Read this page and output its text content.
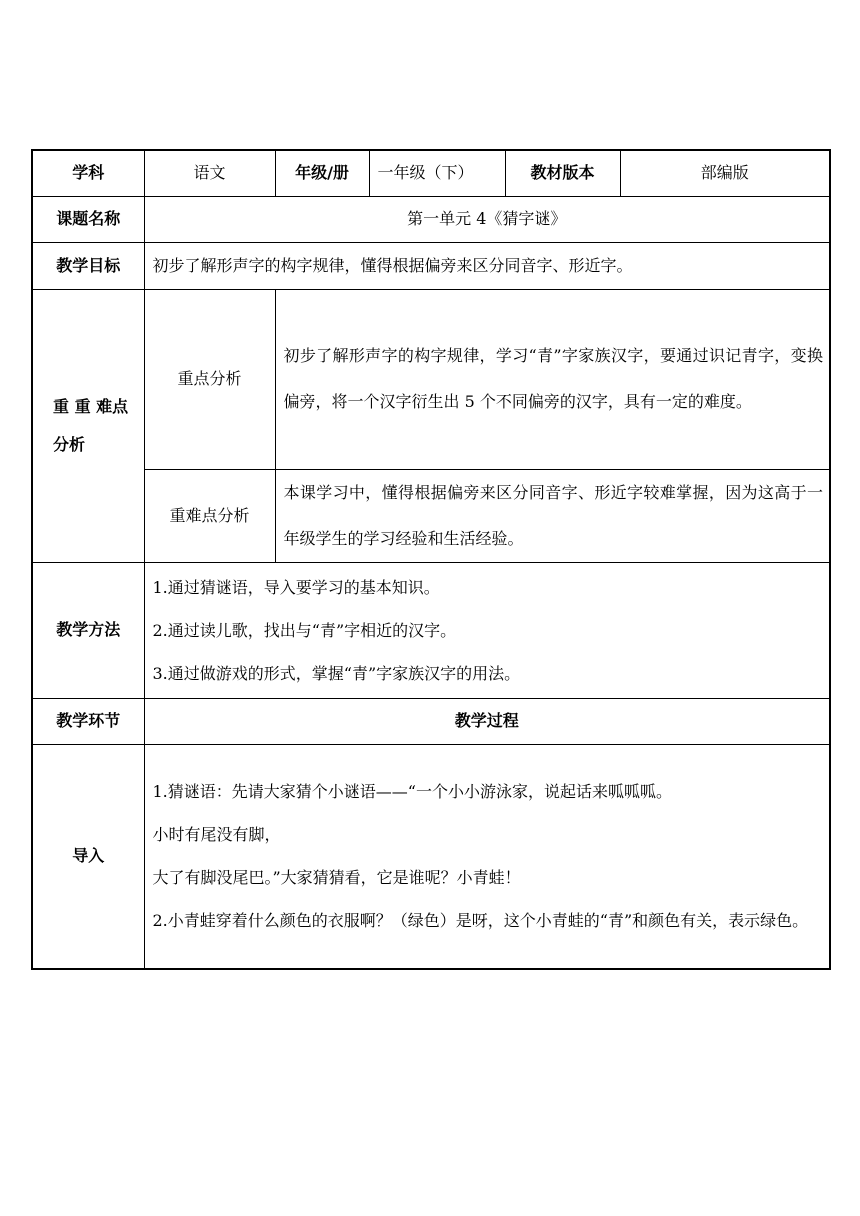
学科	语文	年级/册	一年级（下）	教材版本	部编版
课题名称	第一单元 4《猜字谜》				
教学目标	初步了解形声字的构字规律，懂得根据偏旁来区分同音字、形近字。				
重 重 难点分析	重点分析	初步了解形声字的构字规律，学习“青”字家族汉字，要通过识记青字，变换偏旁，将一个汉字衍生出 5 个不同偏旁的汉字，具有一定的难度。			
	重难点分析	本课学习中，懂得根据偏旁来区分同音字、形近字较难掌握，因为这高于一年级学生的学习经验和生活经验。			
教学方法	1.通过猜谜语，导入要学习的基本知识。

2.通过读儿歌，找出与“青”字相近的汉字。

3.通过做游戏的形式，掌握“青”字家族汉字的用法。				

教学环节	教学过程				
导入	1.猜谜语：先请大家猜个小谜语——“一个小小游泳家，说起话来呱呱呱。

小时有尾没有脚，

大了有脚没尾巴。”大家猜猜看，它是谁呢？小青蛙！

2.小青蛙穿着什么颜色的衣服啊？（绿色）是呀，这个小青蛙的“青”和颜色有关，表示绿色。				
